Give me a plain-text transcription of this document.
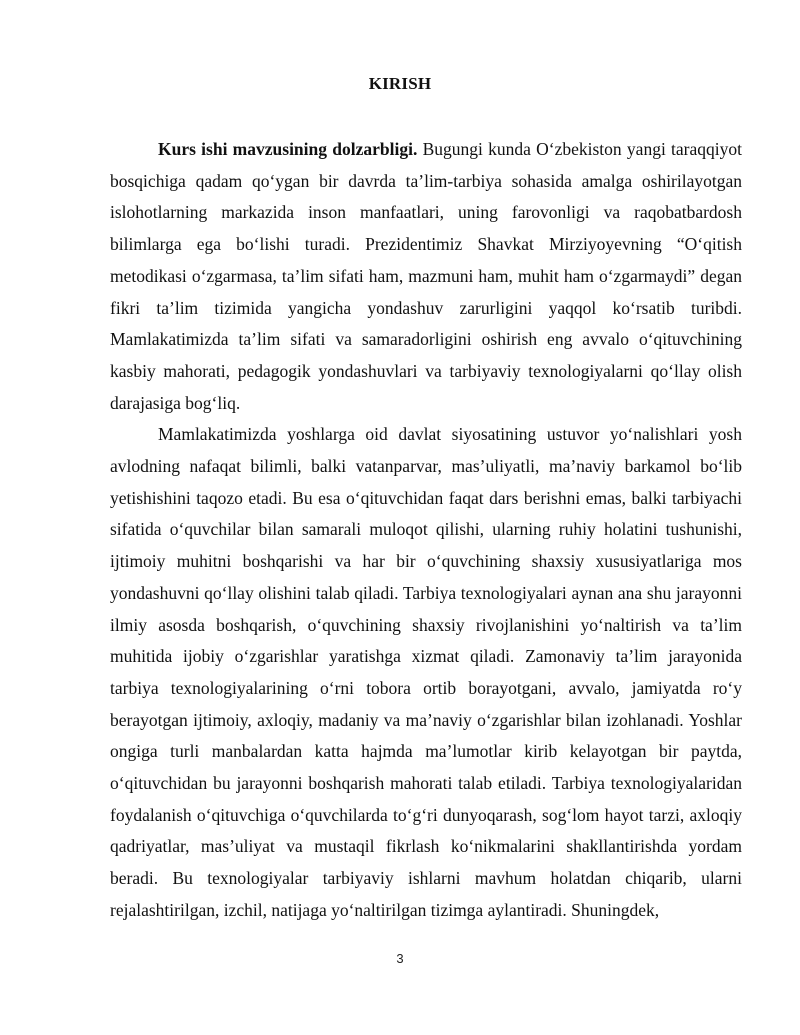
KIRISH

Kurs ishi mavzusining dolzarbligi. Bugungi kunda O‘zbekiston yangi taraqqiyot bosqichiga qadam qo‘ygan bir davrda ta’lim-tarbiya sohasida amalga oshirilayotgan islohotlarning markazida inson manfaatlari, uning farovonligi va raqobatbardosh bilimlarga ega bo‘lishi turadi. Prezidentimiz Shavkat Mirziyoyevning “O‘qitish metodikasi o‘zgarmasa, ta’lim sifati ham, mazmuni ham, muhit ham o‘zgarmaydi” degan fikri ta’lim tizimida yangicha yondashuv zarurligini yaqqol ko‘rsatib turibdi. Mamlakatimizda ta’lim sifati va samaradorligini oshirish eng avvalo o‘qituvchining kasbiy mahorati, pedagogik yondashuvlari va tarbiyaviy texnologiyalarni qo‘llay olish darajasiga bog‘liq.

Mamlakatimizda yoshlarga oid davlat siyosatining ustuvor yo‘nalishlari yosh avlodning nafaqat bilimli, balki vatanparvar, mas’uliyatli, ma’naviy barkamol bo‘lib yetishishini taqozo etadi. Bu esa o‘qituvchidan faqat dars berishni emas, balki tarbiyachi sifatida o‘quvchilar bilan samarali muloqot qilishi, ularning ruhiy holatini tushunishi, ijtimoiy muhitni boshqarishi va har bir o‘quvchining shaxsiy xususiyatlariga mos yondashuvni qo‘llay olishini talab qiladi. Tarbiya texnologiyalari aynan ana shu jarayonni ilmiy asosda boshqarish, o‘quvchining shaxsiy rivojlanishini yo‘naltirish va ta’lim muhitida ijobiy o‘zgarishlar yaratishga xizmat qiladi. Zamonaviy ta’lim jarayonida tarbiya texnologiyalarining o‘rni tobora ortib borayotgani, avvalo, jamiyatda ro‘y berayotgan ijtimoiy, axloqiy, madaniy va ma’naviy o‘zgarishlar bilan izohlanadi. Yoshlar ongiga turli manbalardan katta hajmda ma’lumotlar kirib kelayotgan bir paytda, o‘qituvchidan bu jarayonni boshqarish mahorati talab etiladi. Tarbiya texnologiyalaridan foydalanish o‘qituvchiga o‘quvchilarda to‘g‘ri dunyoqarash, sog‘lom hayot tarzi, axloqiy qadriyatlar, mas’uliyat va mustaqil fikrlash ko‘nikmalarini shakllantirishda yordam beradi. Bu texnologiyalar tarbiyaviy ishlarni mavhum holatdan chiqarib, ularni rejalashtirilgan, izchil, natijaga yo‘naltirilgan tizimga aylantiradi. Shuningdek,

3
